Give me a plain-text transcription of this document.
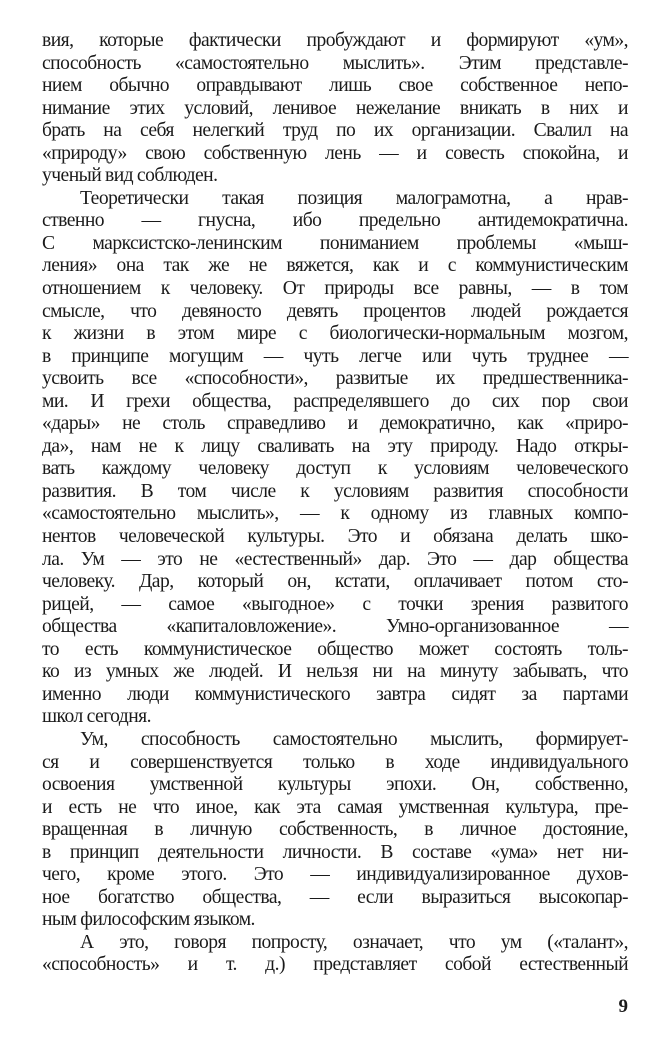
вия, которые фактически пробуждают и формируют «ум»,
способность «самостоятельно мыслить». Этим представле-
нием обычно оправдывают лишь свое собственное непо-
нимание этих условий, ленивое нежелание вникать в них и
брать на себя нелегкий труд по их организации. Свалил на
«природу» свою собственную лень — и совесть спокойна, и
ученый вид соблюден.
Теоретически такая позиция малограмотна, а нрав-
ственно — гнусна, ибо предельно антидемократична.
С марксистско-ленинским пониманием проблемы «мыш-
ления» она так же не вяжется, как и с коммунистическим
отношением к человеку. От природы все равны, — в том
смысле, что девяносто девять процентов людей рождается
к жизни в этом мире с биологически-нормальным мозгом,
в принципе могущим — чуть легче или чуть труднее —
усвоить все «способности», развитые их предшественника-
ми. И грехи общества, распределявшего до сих пор свои
«дары» не столь справедливо и демократично, как «приро-
да», нам не к лицу сваливать на эту природу. Надо откры-
вать каждому человеку доступ к условиям человеческого
развития. В том числе к условиям развития способности
«самостоятельно мыслить», — к одному из главных компо-
нентов человеческой культуры. Это и обязана делать шко-
ла. Ум — это не «естественный» дар. Это — дар общества
человеку. Дар, который он, кстати, оплачивает потом сто-
рицей, — самое «выгодное» с точки зрения развитого
общества «капиталовложение». Умно-организованное —
то есть коммунистическое общество может состоять толь-
ко из умных же людей. И нельзя ни на минуту забывать, что
именно люди коммунистического завтра сидят за партами
школ сегодня.
Ум, способность самостоятельно мыслить, формирует-
ся и совершенствуется только в ходе индивидуального
освоения умственной культуры эпохи. Он, собственно,
и есть не что иное, как эта самая умственная культура, пре-
вращенная в личную собственность, в личное достояние,
в принцип деятельности личности. В составе «ума» нет ни-
чего, кроме этого. Это — индивидуализированное духов-
ное богатство общества, — если выразиться высокопар-
ным философским языком.
А это, говоря попросту, означает, что ум («талант»,
«способность» и т. д.) представляет собой естественный
9
